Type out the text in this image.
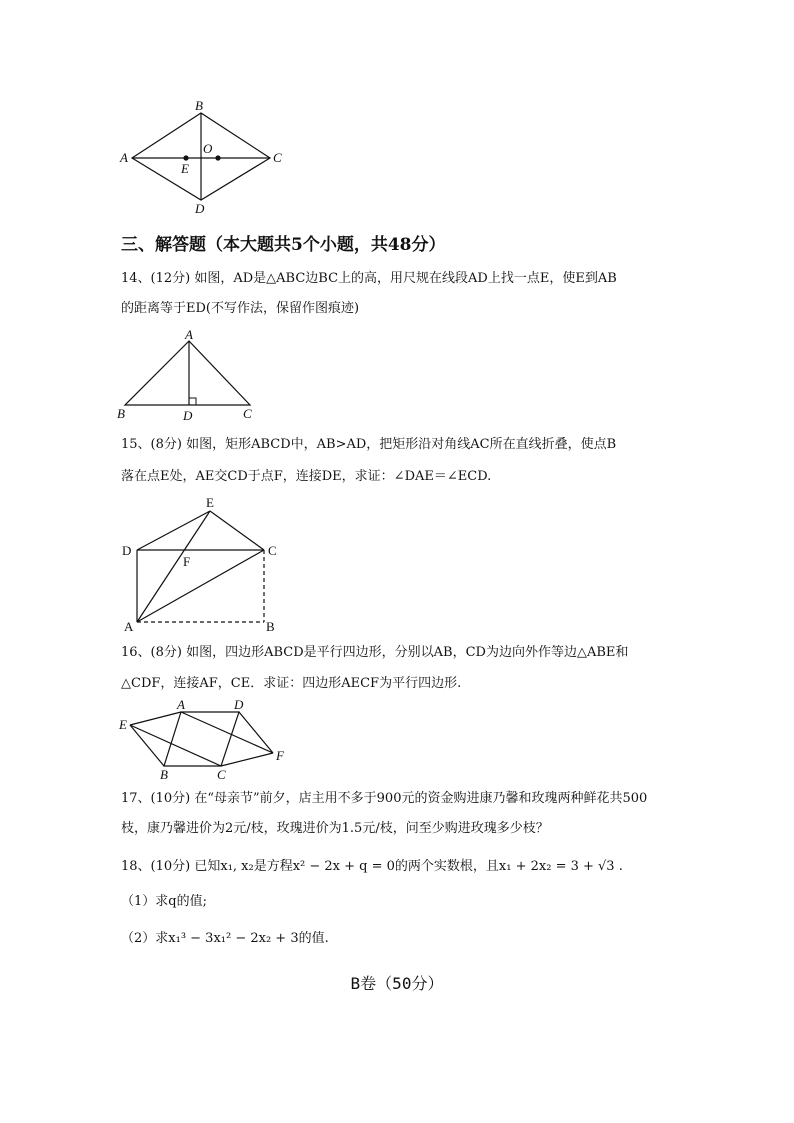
A
B
C
D
O
E
三、解答题（本大题共5个小题，共48分）
14、(12分) 如图，AD是△ABC边BC上的高，用尺规在线段AD上找一点E，使E到AB
的距离等于ED(不写作法，保留作图痕迹)
A
B	C
D
15、(8分) 如图，矩形ABCD中，AB>AD，把矩形沿对角线AC所在直线折叠，使点B
落在点E处，AE交CD于点F，连接DE，求证：∠DAE＝∠ECD.
E
D	C
F
A	B
16、(8分) 如图，四边形ABCD是平行四边形，分别以AB，CD为边向外作等边△ABE和
△CDF，连接AF，CE．求证：四边形AECF为平行四边形.
E
A	D
F
B	C
17、(10分) 在“母亲节”前夕，店主用不多于900元的资金购进康乃馨和玫瑰两种鲜花共500
枝，康乃馨进价为2元/枝，玫瑰进价为1.5元/枝，问至少购进玫瑰多少枝？
18、(10分) 已知x₁, x₂是方程x² − 2x + q = 0的两个实数根，且x₁ + 2x₂ = 3 + √3 .
（1）求q的值;
（2）求x₁³ − 3x₁² − 2x₂ + 3的值.
B卷（50分）
